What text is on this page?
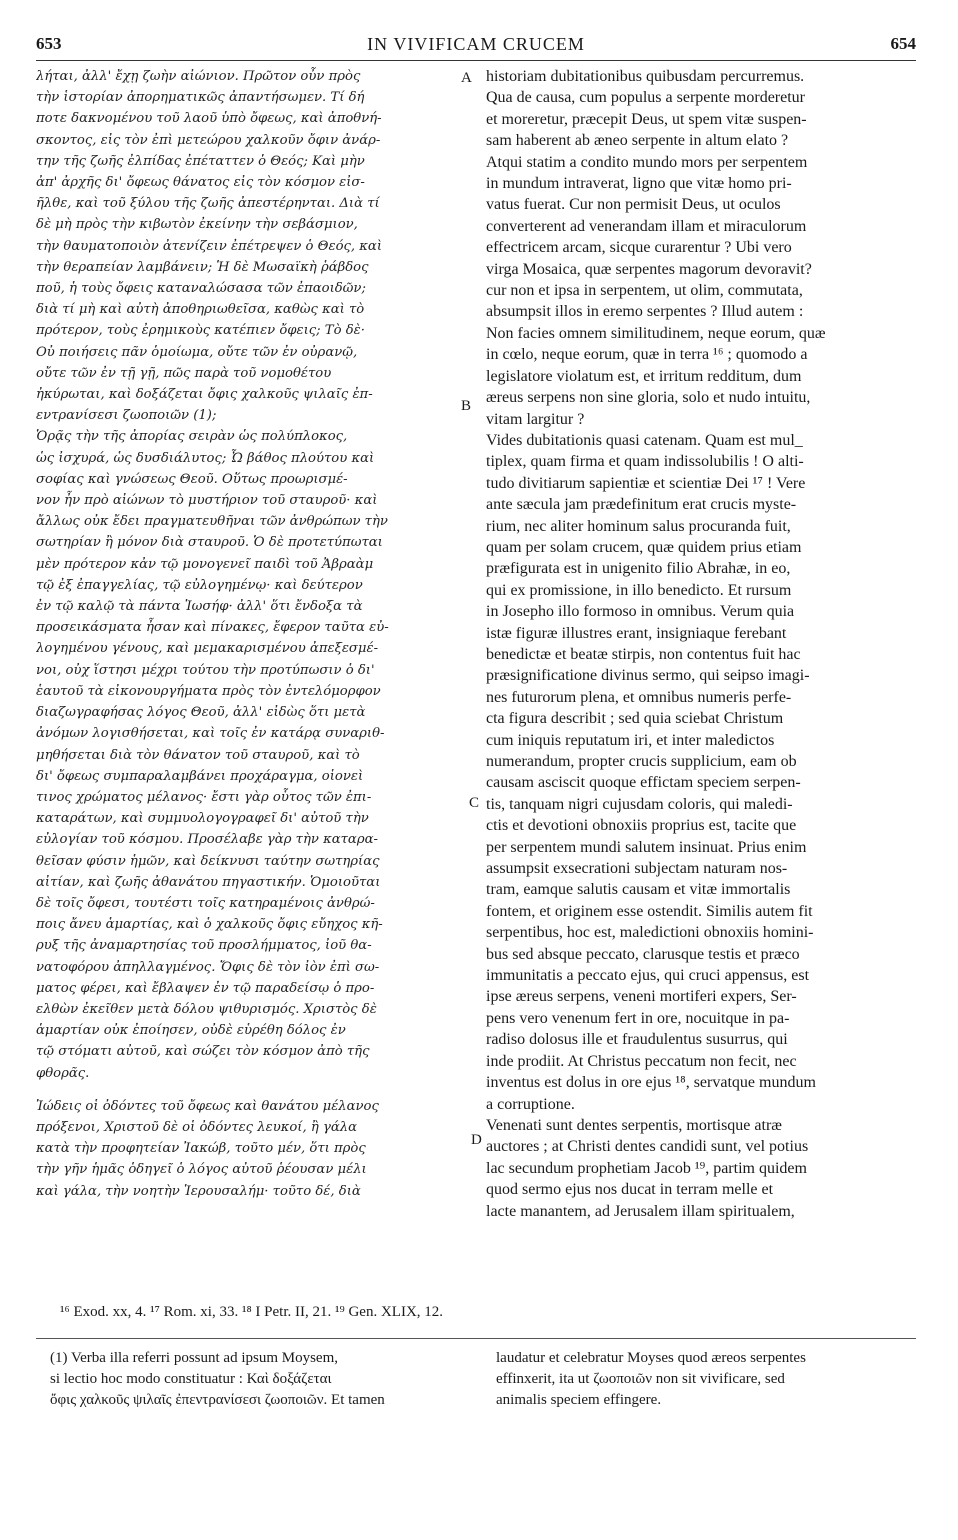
653	IN VIVIFICAM CRUCEM	654
λήται, ἀλλ' ἔχῃ ζωὴν αἰώνιον. Πρῶτον οὖν πρὸς
τὴν ἱστορίαν ἀπορηματικῶς ἀπαντήσωμεν. Τί δή
ποτε δακνομένου τοῦ λαοῦ ὑπὸ ὄφεως, καὶ ἀποθνή-
σκοντος, εἰς τὸν ἐπὶ μετεώρου χαλκοῦν ὄφιν ἀνάρ-
την τῆς ζωῆς ἐλπίδας ἐπέταττεν ὁ Θεός; Καὶ μὴν
ἀπ' ἀρχῆς δι' ὄφεως θάνατος εἰς τὸν κόσμον εἰσ-
ῆλθε, καὶ τοῦ ξύλου τῆς ζωῆς ἀπεστέρηνται. Διὰ τί
δὲ μὴ πρὸς τὴν κιβωτὸν ἐκείνην τὴν σεβάσμιον,
τὴν θαυματοποιὸν ἀτενίζειν ἐπέτρεψεν ὁ Θεός, καὶ
τὴν θεραπείαν λαμβάνειν; Ἡ δὲ Μωσαϊκὴ ῥάβδος
ποῦ, ἡ τοὺς ὄφεις καταναλώσασα τῶν ἐπαοιδῶν;
διὰ τί μὴ καὶ αὐτὴ ἀποθηριωθεῖσα, καθὼς καὶ τὸ
πρότερον, τοὺς ἐρημικοὺς κατέπιεν ὄφεις; Τὸ δὲ·
Οὐ ποιήσεις πᾶν ὁμοίωμα, οὔτε τῶν ἐν οὐρανῷ,
οὔτε τῶν ἐν τῇ γῇ, πῶς παρὰ τοῦ νομοθέτου
ἠκύρωται, καὶ δοξάζεται ὄφις χαλκοῦς ψιλαῖς ἐπ-
εντρανίσεσι ζωοποιῶν (1);
Ὁρᾷς τὴν τῆς ἀπορίας σειρὰν ὡς πολύπλοκος,
ὡς ἰσχυρά, ὡς δυσδιάλυτος; Ὦ βάθος πλούτου καὶ
σοφίας καὶ γνώσεως Θεοῦ. Οὕτως προωρισμέ-
νον ἦν πρὸ αἰώνων τὸ μυστήριον τοῦ σταυροῦ· καὶ
ἄλλως οὐκ ἔδει πραγματευθῆναι τῶν ἀνθρώπων τὴν
σωτηρίαν ἢ μόνον διὰ σταυροῦ. Ὁ δὲ προτετύπωται
μὲν πρότερον κἀν τῷ μονογενεῖ παιδὶ τοῦ Ἀβραὰμ
τῷ ἐξ ἐπαγγελίας, τῷ εὐλογημένῳ· καὶ δεύτερον
ἐν τῷ καλῷ τὰ πάντα Ἰωσήφ· ἀλλ' ὅτι ἔνδοξα τὰ
προσεικάσματα ἦσαν καὶ πίνακες, ἔφερον ταῦτα εὐ-
λογημένου γένους, καὶ μεμακαρισμένου ἀπεξεσμέ-
νοι, οὐχ ἵστησι μέχρι τούτου τὴν προτύπωσιν ὁ δι'
ἑαυτοῦ τὰ εἰκονουργήματα πρὸς τὸν ἐντελόμορφον
διαζωγραφήσας λόγος Θεοῦ, ἀλλ' εἰδὼς ὅτι μετὰ
ἀνόμων λογισθήσεται, καὶ τοῖς ἐν κατάρᾳ συναριθ-
μηθήσεται διὰ τὸν θάνατον τοῦ σταυροῦ, καὶ τὸ
δι' ὄφεως συμπαραλαμβάνει προχάραγμα, οἱονεὶ
τινος χρώματος μέλανος· ἔστι γὰρ οὗτος τῶν ἐπι-
καταράτων, καὶ συμμυολογογραφεῖ δι' αὐτοῦ τὴν
εὐλογίαν τοῦ κόσμου. Προσέλαβε γὰρ τὴν καταρα-
θεῖσαν φύσιν ἡμῶν, καὶ δείκνυσι ταύτην σωτηρίας
αἰτίαν, καὶ ζωῆς ἀθανάτου πηγαστικήν. Ὁμοιοῦται
δὲ τοῖς ὄφεσι, τουτέστι τοῖς κατηραμένοις ἀνθρώ-
ποις ἄνευ ἁμαρτίας, καὶ ὁ χαλκοῦς ὄφις εὔηχος κῆ-
ρυξ τῆς ἀναμαρτησίας τοῦ προσλήμματος, ἰοῦ θα-
νατοφόρου ἀπηλλαγμένος. Ὄφις δὲ τὸν ἰὸν ἐπὶ σω-
ματος φέρει, καὶ ἔβλαψεν ἐν τῷ παραδείσῳ ὁ προ-
ελθὼν ἐκεῖθεν μετὰ δόλου ψιθυρισμός. Χριστὸς δὲ
ἁμαρτίαν οὐκ ἐποίησεν, οὐδὲ εὑρέθη δόλος ἐν
τῷ στόματι αὐτοῦ, καὶ σώζει τὸν κόσμον ἀπὸ τῆς
φθορᾶς.
Ἰώδεις οἱ ὀδόντες τοῦ ὄφεως καὶ θανάτου μέλανος
πρόξενοι, Χριστοῦ δὲ οἱ ὀδόντες λευκοί, ἢ γάλα
κατὰ τὴν προφητείαν Ἰακώβ, τοῦτο μέν, ὅτι πρὸς
τὴν γῆν ἡμᾶς ὁδηγεῖ ὁ λόγος αὐτοῦ ῥέουσαν μέλι
καὶ γάλα, τὴν νοητὴν Ἱερουσαλήμ· τοῦτο δέ, διὰ
historiam dubitationibus quibusdam percurremus.
Qua de causa, cum populus a serpente morderetur
et moreretur, præcepit Deus, ut spem vitæ suspen-
sam haberent ab æneo serpente in altum elato ?
Atqui statim a condito mundo mors per serpentem
in mundum intraverat, ligno que vitæ homo pri-
vatus fuerat. Cur non permisit Deus, ut oculos
converterent ad venerandam illam et miraculorum
effectricem arcam, sicque curarentur ? Ubi vero
virga Mosaica, quæ serpentes magorum devoravit?
cur non et ipsa in serpentem, ut olim, commutata,
absumpsit illos in eremo serpentes ? Illud autem :
Non facies omnem similitudinem, neque eorum, quæ
in cœlo, neque eorum, quæ in terra ¹⁶ ; quomodo a
legislatore violatum est, et irritum redditum, dum
æreus serpens non sine gloria, solo et nudo intuitu,
vitam largitur ?
Vides dubitationis quasi catenam. Quam est mul_
tiplex, quam firma et quam indissolubilis ! O alti-
tudo divitiarum sapientiæ et scientiæ Dei ¹⁷ ! Vere
ante sæcula jam prædefinitum erat crucis myste-
rium, nec aliter hominum salus procuranda fuit,
quam per solam crucem, quæ quidem prius etiam
præfigurata est in unigenito filio Abrahæ, in eo,
qui ex promissione, in illo benedicto. Et rursum
in Josepho illo formoso in omnibus. Verum quia
istæ figuræ illustres erant, insigniaque ferebant
benedictæ et beatæ stirpis, non contentus fuit hac
præsignificatione divinus sermo, qui seipso imagi-
nes futurorum plena, et omnibus numeris perfe-
cta figura describit ; sed quia sciebat Christum
cum iniquis reputatum iri, et inter maledictos
numerandum, propter crucis supplicium, eam ob
causam asciscit quoque effictam speciem serpen-
tis, tanquam nigri cujusdam coloris, qui maledi-
ctis et devotioni obnoxiis proprius est, tacite que
per serpentem mundi salutem insinuat. Prius enim
assumpsit exsecrationi subjectam naturam nos-
tram, eamque salutis causam et vitæ immortalis
fontem, et originem esse ostendit. Similis autem fit
serpentibus, hoc est, maledictioni obnoxiis homini-
bus sed absque peccato, clarusque testis et præco
immunitatis a peccato ejus, qui cruci appensus, est
ipse æreus serpens, veneni mortiferi expers, Ser-
pens vero venenum fert in ore, nocuitque in pa-
radiso dolosus ille et fraudulentus susurrus, qui
inde prodiit. At Christus peccatum non fecit, nec
inventus est dolus in ore ejus ¹⁸, servatque mundum
a corruptione.
Venenati sunt dentes serpentis, mortisque atræ
auctores ; at Christi dentes candidi sunt, vel potius
lac secundum prophetiam Jacob ¹⁹, partim quidem
quod sermo ejus nos ducat in terram melle et
lacte manantem, ad Jerusalem illam spiritualem,
A
B
C
D
¹⁶ Exod. xx, 4. ¹⁷ Rom. xi, 33. ¹⁸ I Petr. II, 21. ¹⁹ Gen. XLIX, 12.
(1) Verba illa referri possunt ad ipsum Moysem,
si lectio hoc modo constituatur : Καὶ δοξάζεται
ὄφις χαλκοῦς ψιλαῖς ἐπεντρανίσεσι ζωοποιῶν. Et tamen
laudatur et celebratur Moyses quod æreos serpentes
effinxerit, ita ut ζωοποιῶν non sit vivificare, sed
animalis speciem effingere.
